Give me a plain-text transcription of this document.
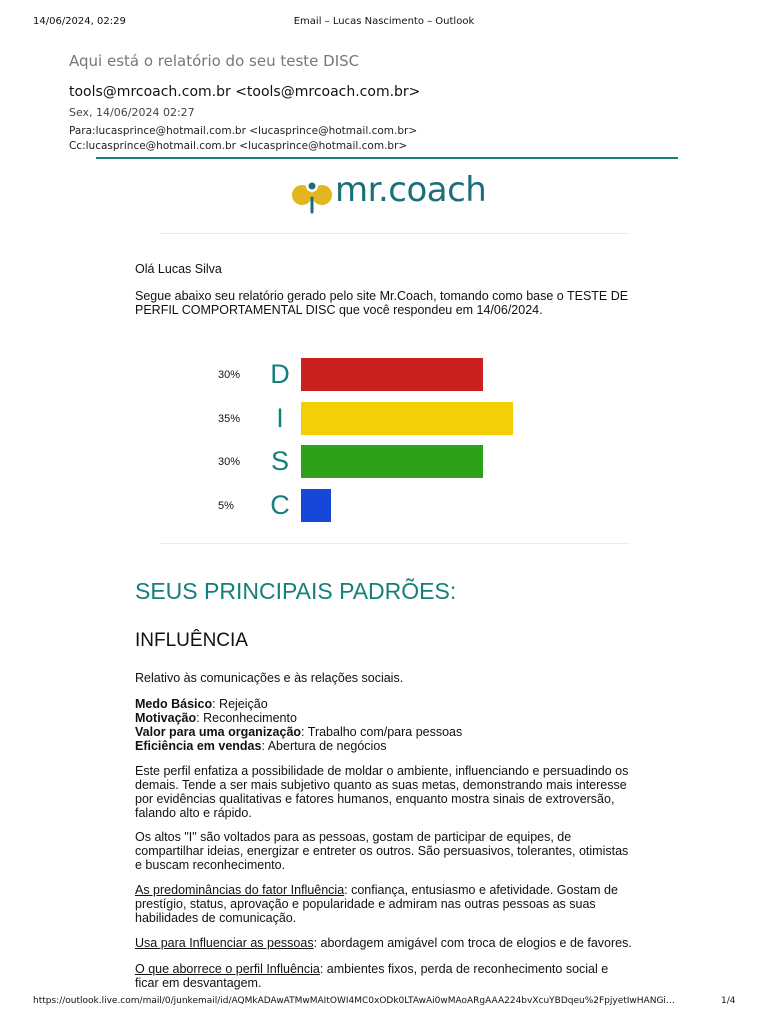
14/06/2024, 02:29	Email – Lucas Nascimento – Outlook
Aqui está o relatório do seu teste DISC
tools@mrcoach.com.br <tools@mrcoach.com.br>
Sex, 14/06/2024 02:27
Para:lucasprince@hotmail.com.br <lucasprince@hotmail.com.br>
Cc:lucasprince@hotmail.com.br <lucasprince@hotmail.com.br>
mr.coach
Olá Lucas Silva
Segue abaixo seu relatório gerado pelo site Mr.Coach, tomando como base o TESTE DE PERFIL COMPORTAMENTAL DISC que você respondeu em 14/06/2024.
30%	D
35%	I
30%	S
5%	C
SEUS PRINCIPAIS PADRÕES:
INFLUÊNCIA
Relativo às comunicações e às relações sociais.
Medo Básico: Rejeição
Motivação: Reconhecimento
Valor para uma organização: Trabalho com/para pessoas
Eficiência em vendas: Abertura de negócios
Este perfil enfatiza a possibilidade de moldar o ambiente, influenciando e persuadindo os demais. Tende a ser mais subjetivo quanto as suas metas, demonstrando mais interesse por evidências qualitativas e fatores humanos, enquanto mostra sinais de extroversão, falando alto e rápido.
Os altos "I" são voltados para as pessoas, gostam de participar de equipes, de compartilhar ideias, energizar e entreter os outros. São persuasivos, tolerantes, otimistas e buscam reconhecimento.
As predominâncias do fator Influência: confiança, entusiasmo e afetividade. Gostam de prestígio, status, aprovação e popularidade e admiram nas outras pessoas as suas habilidades de comunicação.
Usa para Influenciar as pessoas: abordagem amigável com troca de elogios e de favores.
O que aborrece o perfil Influência: ambientes fixos, perda de reconhecimento social e ficar em desvantagem.
https://outlook.live.com/mail/0/junkemail/id/AQMkADAwATMwMAItOWI4MC0xODk0LTAwAi0wMAoARgAAA224bvXcuYBDqeu%2FpjyetIwHANGi…	1/4
